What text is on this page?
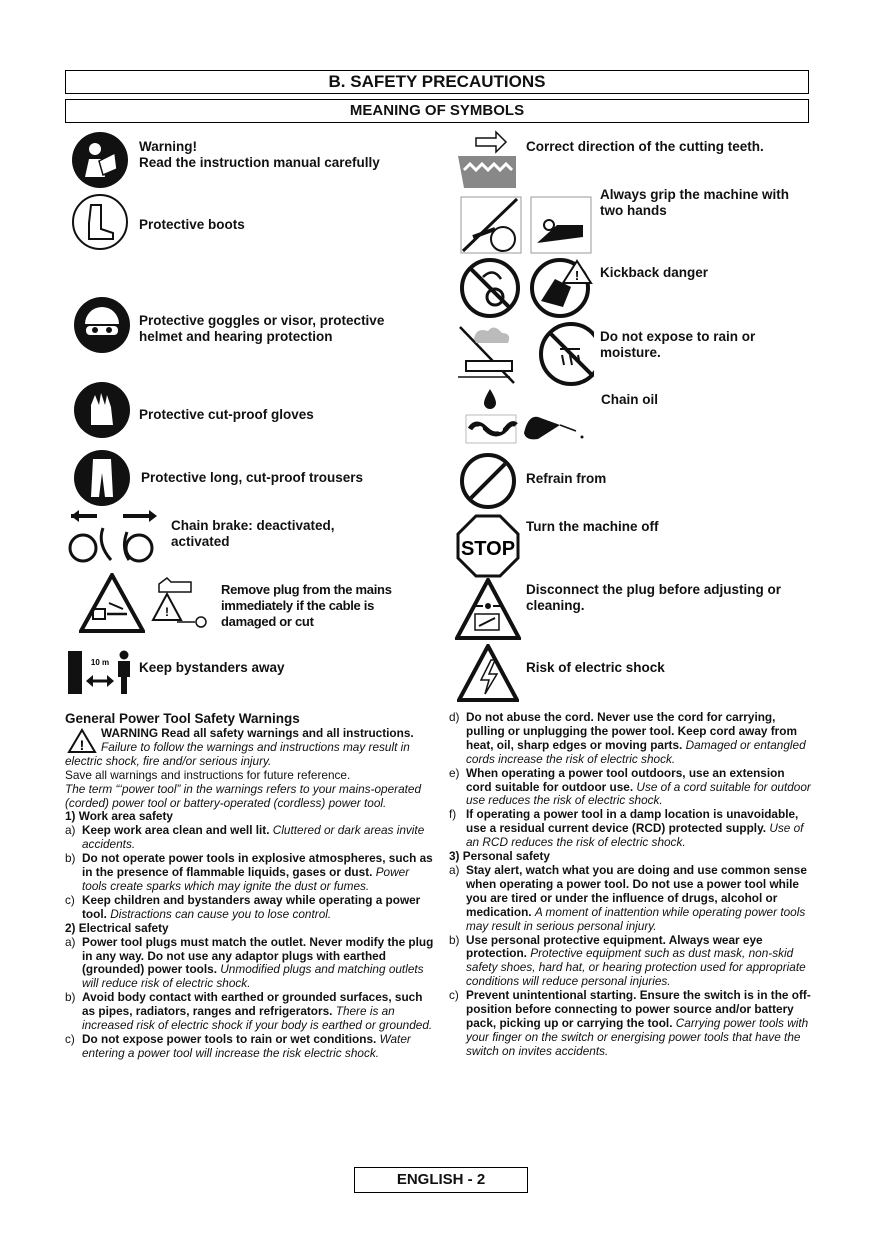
B. SAFETY PRECAUTIONS
MEANING OF SYMBOLS
Warning!
Read the instruction manual carefully
Protective boots
Protective goggles or visor, protective helmet and hearing protection
Protective cut-proof gloves
Protective long, cut-proof trousers
Chain brake: deactivated, activated
!
Remove plug from the mains immediately if the cable is damaged or cut
10 m Keep bystanders away
Correct direction of the cutting teeth.
Always grip the machine with two hands
! Kickback danger
Do not expose to rain or moisture.
Chain oil
Refrain from
STOP
Turn the machine off
Disconnect the plug before adjusting or cleaning.
Risk of electric shock
General Power Tool Safety Warnings

!
WARNING Read all safety warnings and all instructions. Failure to follow the warnings and instructions may result in electric shock, fire and/or serious injury.

Save all warnings and instructions for future reference.

The term “‘power tool” in the warnings refers to your mains-operated (corded) power tool or battery-operated (cordless) power tool.

1) Work area safety

a) Keep work area clean and well lit. Cluttered or dark areas invite accidents.

b) Do not operate power tools in explosive atmospheres, such as in the presence of flammable liquids, gases or dust. Power tools create sparks which may ignite the dust or fumes.

c) Keep children and bystanders away while operating a power tool. Distractions can cause you to lose control.

2) Electrical safety

a) Power tool plugs must match the outlet. Never modify the plug in any way. Do not use any adaptor plugs with earthed (grounded) power tools. Unmodified plugs and matching outlets will reduce risk of electric shock.

b) Avoid body contact with earthed or grounded surfaces, such as pipes, radiators, ranges and refrigerators. There is an increased risk of electric shock if your body is earthed or grounded.

c) Do not expose power tools to rain or wet conditions. Water entering a power tool will increase the risk electric shock.

d) Do not abuse the cord. Never use the cord for carrying, pulling or unplugging the power tool. Keep cord away from heat, oil, sharp edges or moving parts. Damaged or entangled cords increase the risk of electric shock.

e) When operating a power tool outdoors, use an extension cord suitable for outdoor use. Use of a cord suitable for outdoor use reduces the risk of electric shock.

f) If operating a power tool in a damp location is unavoidable, use a residual current device (RCD) protected supply. Use of an RCD reduces the risk of electric shock.

3) Personal safety

a) Stay alert, watch what you are doing and use common sense when operating a power tool. Do not use a power tool while you are tired or under the influence of drugs, alcohol or medication. A moment of inattention while operating power tools may result in serious personal injury.

b) Use personal protective equipment. Always wear eye protection. Protective equipment such as dust mask, non-skid safety shoes, hard hat, or hearing protection used for appropriate conditions will reduce personal injuries.

c) Prevent unintentional starting. Ensure the switch is in the off-position before connecting to power source and/or battery pack, picking up or carrying the tool. Carrying power tools with your finger on the switch or energising power tools that have the switch on invites accidents.

ENGLISH - 2
